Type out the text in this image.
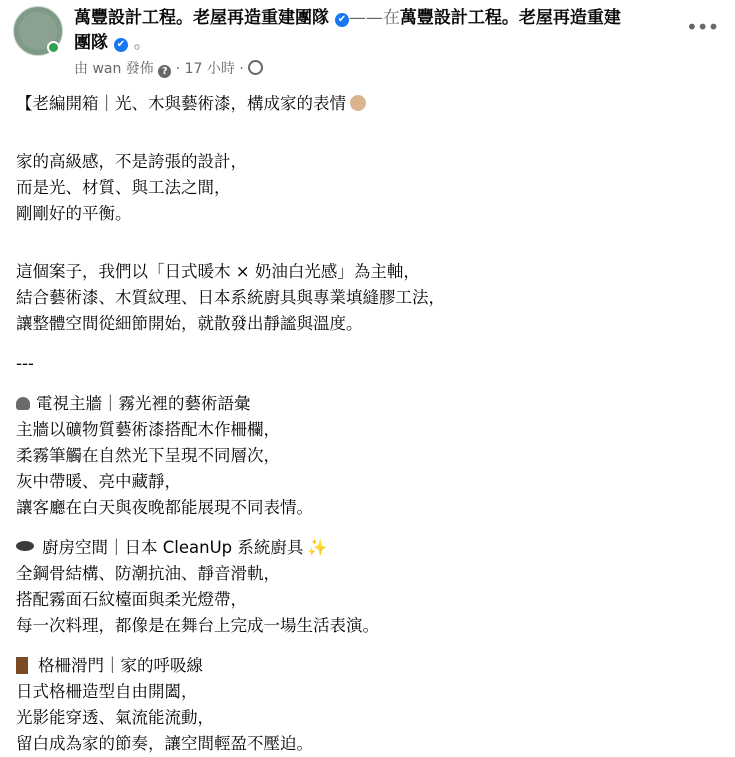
萬豐設計工程。老屋再造重建團隊 ✔ ——在萬豐設計工程。老屋再造重建
團隊 ✔ 。
由 wan 發佈 ? · 17 小時 ·
•••

【老編開箱｜光、木與藝術漆，構成家的表情

家的高級感，不是誇張的設計，

而是光、材質、與工法之間，

剛剛好的平衡。

這個案子，我們以「日式暖木 × 奶油白光感」為主軸，

結合藝術漆、木質紋理、日本系統廚具與專業填縫膠工法，

讓整體空間從細節開始，就散發出靜謐與溫度。

---

電視主牆｜霧光裡的藝術語彙

主牆以礦物質藝術漆搭配木作柵欄，

柔霧筆觸在自然光下呈現不同層次，

灰中帶暖、亮中藏靜，

讓客廳在白天與夜晚都能展現不同表情。

廚房空間｜日本 CleanUp 系統廚具 ✨

全鋼骨結構、防潮抗油、靜音滑軌，

搭配霧面石紋檯面與柔光燈帶，

每一次料理，都像是在舞台上完成一場生活表演。

格柵滑門｜家的呼吸線

日式格柵造型自由開闔，

光影能穿透、氣流能流動，

留白成為家的節奏，讓空間輕盈不壓迫。
